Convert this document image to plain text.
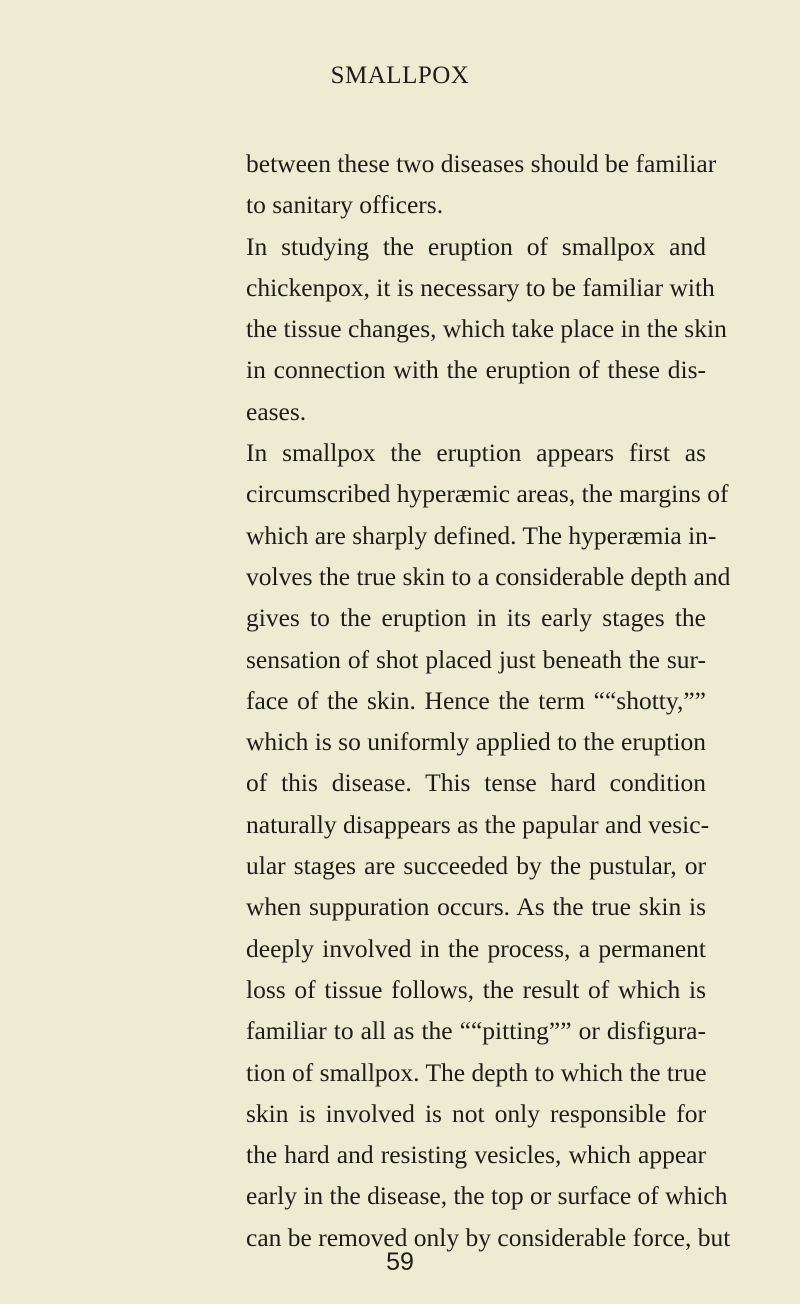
SMALLPOX
between these two diseases should be familiar
to sanitary officers.
In studying the eruption of smallpox and
chickenpox, it is necessary to be familiar with
the tissue changes, which take place in the skin
in connection with the eruption of these dis-
eases.
In smallpox the eruption appears first as
circumscribed hyperæmic areas, the margins of
which are sharply defined. The hyperæmia in-
volves the true skin to a considerable depth and
gives to the eruption in its early stages the
sensation of shot placed just beneath the sur-
face of the skin. Hence the term ““shotty,””
which is so uniformly applied to the eruption
of this disease. This tense hard condition
naturally disappears as the papular and vesic-
ular stages are succeeded by the pustular, or
when suppuration occurs. As the true skin is
deeply involved in the process, a permanent
loss of tissue follows, the result of which is
familiar to all as the ““pitting”” or disfigura-
tion of smallpox. The depth to which the true
skin is involved is not only responsible for
the hard and resisting vesicles, which appear
early in the disease, the top or surface of which
can be removed only by considerable force, but
59
